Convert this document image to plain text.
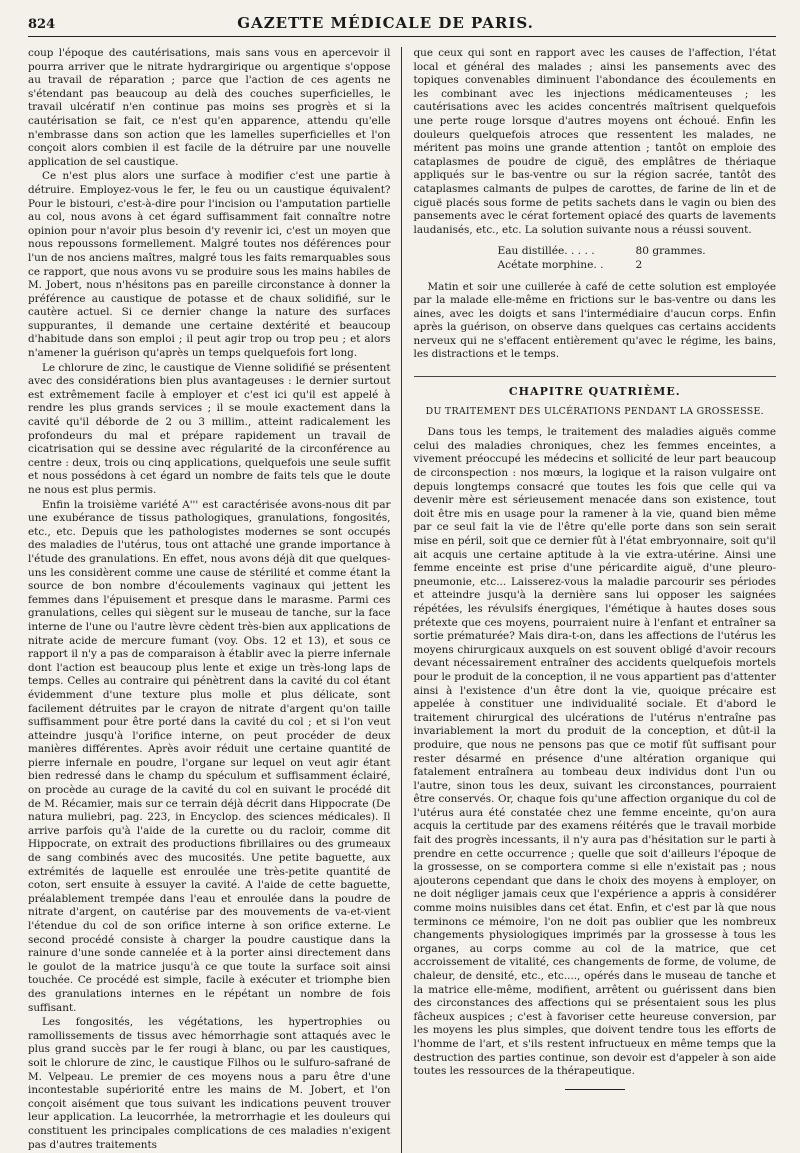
824	GAZETTE MÉDICALE DE PARIS.

coup l'époque des cautérisations, mais sans vous en apercevoir il pourra arriver que le nitrate hydrargirique ou argentique s'oppose au travail de réparation ; parce que l'action de ces agents ne s'étendant pas beaucoup au delà des couches superficielles, le travail ulcératif n'en continue pas moins ses progrès et si la cautérisation se fait, ce n'est qu'en apparence, attendu qu'elle n'embrasse dans son action que les lamelles superficielles et l'on conçoit alors combien il est facile de la détruire par une nouvelle application de sel caustique.

Ce n'est plus alors une surface à modifier c'est une partie à détruire. Employez-vous le fer, le feu ou un caustique équivalent? Pour le bistouri, c'est-à-dire pour l'incision ou l'amputation partielle au col, nous avons à cet égard suffisamment fait connaître notre opinion pour n'avoir plus besoin d'y revenir ici, c'est un moyen que nous repoussons formellement. Malgré toutes nos déférences pour l'un de nos anciens maîtres, malgré tous les faits remarquables sous ce rapport, que nous avons vu se produire sous les mains habiles de M. Jobert, nous n'hésitons pas en pareille circonstance à donner la préférence au caustique de potasse et de chaux solidifié, sur le cautère actuel. Si ce dernier change la nature des surfaces suppurantes, il demande une certaine dextérité et beaucoup d'habitude dans son emploi ; il peut agir trop ou trop peu ; et alors n'amener la guérison qu'après un temps quelquefois fort long.

Le chlorure de zinc, le caustique de Vienne solidifié se présentent avec des considérations bien plus avantageuses : le dernier surtout est extrêmement facile à employer et c'est ici qu'il est appelé à rendre les plus grands services ; il se moule exactement dans la cavité qu'il déborde de 2 ou 3 millim., atteint radicalement les profondeurs du mal et prépare rapidement un travail de cicatrisation qui se dessine avec régularité de la circonférence au centre : deux, trois ou cinq applications, quelquefois une seule suffit et nous possédons à cet égard un nombre de faits tels que le doute ne nous est plus permis.

Enfin la troisième variété A''' est caractérisée avons-nous dit par une exubérance de tissus pathologiques, granulations, fongosités, etc., etc. Depuis que les pathologistes modernes se sont occupés des maladies de l'utérus, tous ont attaché une grande importance à l'étude des granulations. En effet, nous avons déjà dit que quelques-uns les considèrent comme une cause de stérilité et comme étant la source de bon nombre d'écoulements vaginaux qui jettent les femmes dans l'épuisement et presque dans le marasme. Parmi ces granulations, celles qui siègent sur le museau de tanche, sur la face interne de l'une ou l'autre lèvre cèdent très-bien aux applications de nitrate acide de mercure fumant (voy. Obs. 12 et 13), et sous ce rapport il n'y a pas de comparaison à établir avec la pierre infernale dont l'action est beaucoup plus lente et exige un très-long laps de temps. Celles au contraire qui pénètrent dans la cavité du col étant évidemment d'une texture plus molle et plus délicate, sont facilement détruites par le crayon de nitrate d'argent qu'on taille suffisamment pour être porté dans la cavité du col ; et si l'on veut atteindre jusqu'à l'orifice interne, on peut procéder de deux manières différentes. Après avoir réduit une certaine quantité de pierre infernale en poudre, l'organe sur lequel on veut agir étant bien redressé dans le champ du spéculum et suffisamment éclairé, on procède au curage de la cavité du col en suivant le procédé dit de M. Récamier, mais sur ce terrain déjà décrit dans Hippocrate (De natura muliebri, pag. 223, in Encyclop. des sciences médicales). Il arrive parfois qu'à l'aide de la curette ou du racloir, comme dit Hippocrate, on extrait des productions fibrillaires ou des grumeaux de sang combinés avec des mucosités. Une petite baguette, aux extrémités de laquelle est enroulée une très-petite quantité de coton, sert ensuite à essuyer la cavité. A l'aide de cette baguette, préalablement trempée dans l'eau et enroulée dans la poudre de nitrate d'argent, on cautérise par des mouvements de va-et-vient l'étendue du col de son orifice interne à son orifice externe. Le second procédé consiste à charger la poudre caustique dans la rainure d'une sonde cannelée et à la porter ainsi directement dans le goulot de la matrice jusqu'à ce que toute la surface soit ainsi touchée. Ce procédé est simple, facile à exécuter et triomphe bien des granulations internes en le répétant un nombre de fois suffisant.

Les fongosités, les végétations, les hypertrophies ou ramollissements de tissus avec hémorrhagie sont attaqués avec le plus grand succès par le fer rougi à blanc, ou par les caustiques, soit le chlorure de zinc, le caustique Filhos ou le sulfuro-safrané de M. Velpeau. Le premier de ces moyens nous a paru être d'une incontestable supériorité entre les mains de M. Jobert, et l'on conçoit aisément que tous suivant les indications peuvent trouver leur application. La leucorrhée, la metrorrhagie et les douleurs qui constituent les principales complications de ces maladies n'exigent pas d'autres traitements

que ceux qui sont en rapport avec les causes de l'affection, l'état local et général des malades ; ainsi les pansements avec des topiques convenables diminuent l'abondance des écoulements en les combinant avec les injections médicamenteuses ; les cautérisations avec les acides concentrés maîtrisent quelquefois une perte rouge lorsque d'autres moyens ont échoué. Enfin les douleurs quelquefois atroces que ressentent les malades, ne méritent pas moins une grande attention ; tantôt on emploie des cataplasmes de poudre de ciguë, des emplâtres de thériaque appliqués sur le bas-ventre ou sur la région sacrée, tantôt des cataplasmes calmants de pulpes de carottes, de farine de lin et de ciguë placés sous forme de petits sachets dans le vagin ou bien des pansements avec le cérat fortement opiacé des quarts de lavements laudanisés, etc., etc. La solution suivante nous a réussi souvent.

Eau distillée. . . . .	80 grammes.
Acétate morphine. .	2

Matin et soir une cuillerée à café de cette solution est employée par la malade elle-même en frictions sur le bas-ventre ou dans les aines, avec les doigts et sans l'intermédiaire d'aucun corps. Enfin après la guérison, on observe dans quelques cas certains accidents nerveux qui ne s'effacent entièrement qu'avec le régime, les bains, les distractions et le temps.

CHAPITRE QUATRIÈME.
DU TRAITEMENT DES ULCÉRATIONS PENDANT LA GROSSESSE.

Dans tous les temps, le traitement des maladies aiguës comme celui des maladies chroniques, chez les femmes enceintes, a vivement préoccupé les médecins et sollicité de leur part beaucoup de circonspection : nos mœurs, la logique et la raison vulgaire ont depuis longtemps consacré que toutes les fois que celle qui va devenir mère est sérieusement menacée dans son existence, tout doit être mis en usage pour la ramener à la vie, quand bien même par ce seul fait la vie de l'être qu'elle porte dans son sein serait mise en péril, soit que ce dernier fût à l'état embryonnaire, soit qu'il ait acquis une certaine aptitude à la vie extra-utérine. Ainsi une femme enceinte est prise d'une péricardite aiguë, d'une pleuro-pneumonie, etc... Laisserez-vous la maladie parcourir ses périodes et atteindre jusqu'à la dernière sans lui opposer les saignées répétées, les révulsifs énergiques, l'émétique à hautes doses sous prétexte que ces moyens, pourraient nuire à l'enfant et entraîner sa sortie prématurée? Mais dira-t-on, dans les affections de l'utérus les moyens chirurgicaux auxquels on est souvent obligé d'avoir recours devant nécessairement entraîner des accidents quelquefois mortels pour le produit de la conception, il ne vous appartient pas d'attenter ainsi à l'existence d'un être dont la vie, quoique précaire est appelée à constituer une individualité sociale. Et d'abord le traitement chirurgical des ulcérations de l'utérus n'entraîne pas invariablement la mort du produit de la conception, et dût-il la produire, que nous ne pensons pas que ce motif fût suffisant pour rester désarmé en présence d'une altération organique qui fatalement entraînera au tombeau deux individus dont l'un ou l'autre, sinon tous les deux, suivant les circonstances, pourraient être conservés. Or, chaque fois qu'une affection organique du col de l'utérus aura été constatée chez une femme enceinte, qu'on aura acquis la certitude par des examens réitérés que le travail morbide fait des progrès incessants, il n'y aura pas d'hésitation sur le parti à prendre en cette occurrence ; quelle que soit d'ailleurs l'époque de la grossesse, on se comportera comme si elle n'existait pas ; nous ajouterons cependant que dans le choix des moyens à employer, on ne doit négliger jamais ceux que l'expérience a appris à considérer comme moins nuisibles dans cet état. Enfin, et c'est par là que nous terminons ce mémoire, l'on ne doit pas oublier que les nombreux changements physiologiques imprimés par la grossesse à tous les organes, au corps comme au col de la matrice, que cet accroissement de vitalité, ces changements de forme, de volume, de chaleur, de densité, etc., etc...., opérés dans le museau de tanche et la matrice elle-même, modifient, arrêtent ou guérissent dans bien des circonstances des affections qui se présentaient sous les plus fâcheux auspices ; c'est à favoriser cette heureuse conversion, par les moyens les plus simples, que doivent tendre tous les efforts de l'homme de l'art, et s'ils restent infructueux en même temps que la destruction des parties continue, son devoir est d'appeler à son aide toutes les ressources de la thérapeutique.
